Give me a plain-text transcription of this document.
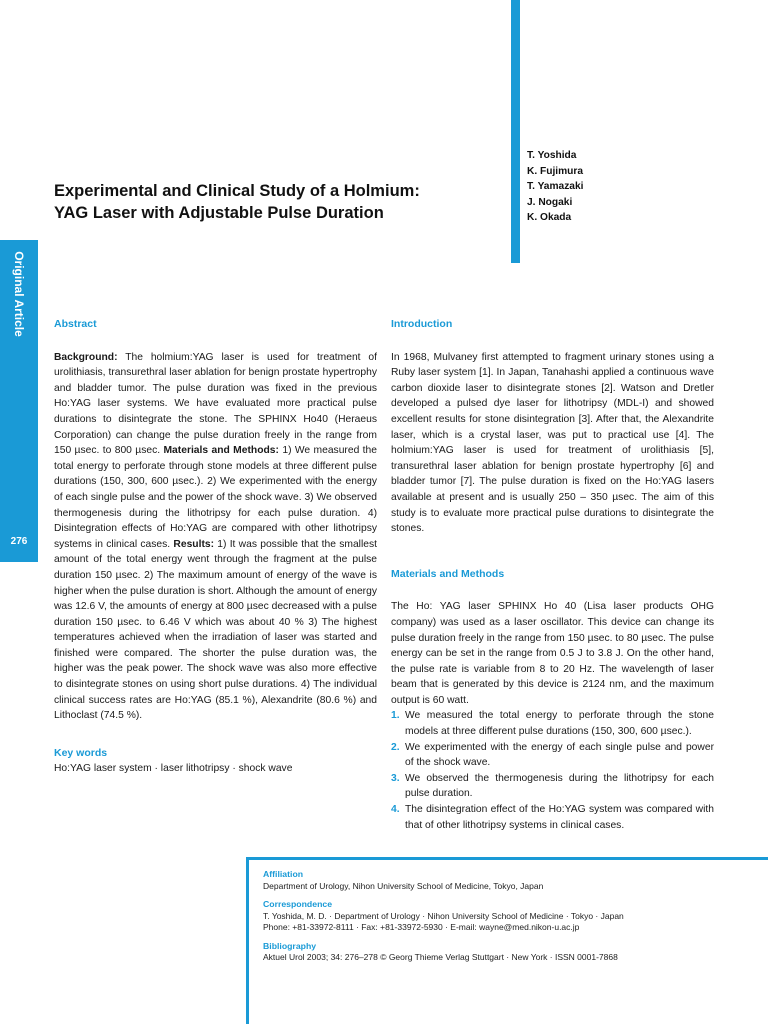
Original Article
276
Experimental and Clinical Study of a Holmium:
YAG Laser with Adjustable Pulse Duration
T. Yoshida
K. Fujimura
T. Yamazaki
J. Nogaki
K. Okada
Abstract

Background: The holmium:YAG laser is used for treatment of urolithiasis, transurethral laser ablation for benign prostate hypertrophy and bladder tumor. The pulse duration was fixed in the previous Ho:YAG laser systems. We have evaluated more practical pulse durations to disintegrate the stone. The SPHINX Ho40 (Heraeus Corporation) can change the pulse duration freely in the range from 150 µsec. to 800 µsec. Materials and Methods: 1) We measured the total energy to perforate through stone models at three different pulse durations (150, 300, 600 µsec.). 2) We experimented with the energy of each single pulse and the power of the shock wave. 3) We observed thermogenesis during the lithotripsy for each pulse duration. 4) Disintegration effects of Ho:YAG are compared with other lithotripsy systems in clinical cases. Results: 1) It was possible that the smallest amount of the total energy went through the fragment at the pulse duration 150 µsec. 2) The maximum amount of energy of the wave is higher when the pulse duration is short. Although the amount of energy was 12.6 V, the amounts of energy at 800 µsec decreased with a pulse duration 150 µsec. to 6.46 V which was about 40 % 3) The highest temperatures achieved when the irradiation of laser was started and finished were compared. The shorter the pulse duration was, the higher was the peak power. The shock wave was also more effective to disintegrate stones on using short pulse durations. 4) The individual clinical success rates are Ho:YAG (85.1 %), Alexandrite (80.6 %) and Lithoclast (74.5 %).

Key words

Ho:YAG laser system · laser lithotripsy · shock wave

Introduction

In 1968, Mulvaney first attempted to fragment urinary stones using a Ruby laser system [1]. In Japan, Tanahashi applied a continuous wave carbon dioxide laser to disintegrate stones [2]. Watson and Dretler developed a pulsed dye laser for lithotripsy (MDL-I) and showed excellent results for stone disintegration [3]. After that, the Alexandrite laser, which is a crystal laser, was put to practical use [4]. The holmium:YAG laser is used for treatment of urolithiasis [5], transurethral laser ablation for benign prostate hypertrophy [6] and bladder tumor [7]. The pulse duration is fixed on the Ho:YAG lasers available at present and is usually 250 – 350 µsec. The aim of this study is to evaluate more practical pulse durations to disintegrate the stones.

Materials and Methods

The Ho: YAG laser SPHINX Ho 40 (Lisa laser products OHG company) was used as a laser oscillator. This device can change its pulse duration freely in the range from 150 µsec. to 80 µsec. The pulse energy can be set in the range from 0.5 J to 3.8 J. On the other hand, the pulse rate is variable from 8 to 20 Hz. The wavelength of laser beam that is generated by this device is 2124 nm, and the maximum output is 60 watt.

1. We measured the total energy to perforate through the stone models at three different pulse durations (150, 300, 600 µsec.).
2. We experimented with the energy of each single pulse and power of the shock wave.
3. We observed the thermogenesis during the lithotripsy for each pulse duration.
4. The disintegration effect of the Ho:YAG system was compared with that of other lithotripsy systems in clinical cases.
Affiliation
Department of Urology, Nihon University School of Medicine, Tokyo, Japan
Correspondence
T. Yoshida, M. D. · Department of Urology · Nihon University School of Medicine · Tokyo · Japan
Phone: +81-33972-8111 · Fax: +81-33972-5930 · E-mail: wayne@med.nikon-u.ac.jp
Bibliography
Aktuel Urol 2003; 34: 276–278 © Georg Thieme Verlag Stuttgart · New York · ISSN 0001-7868
